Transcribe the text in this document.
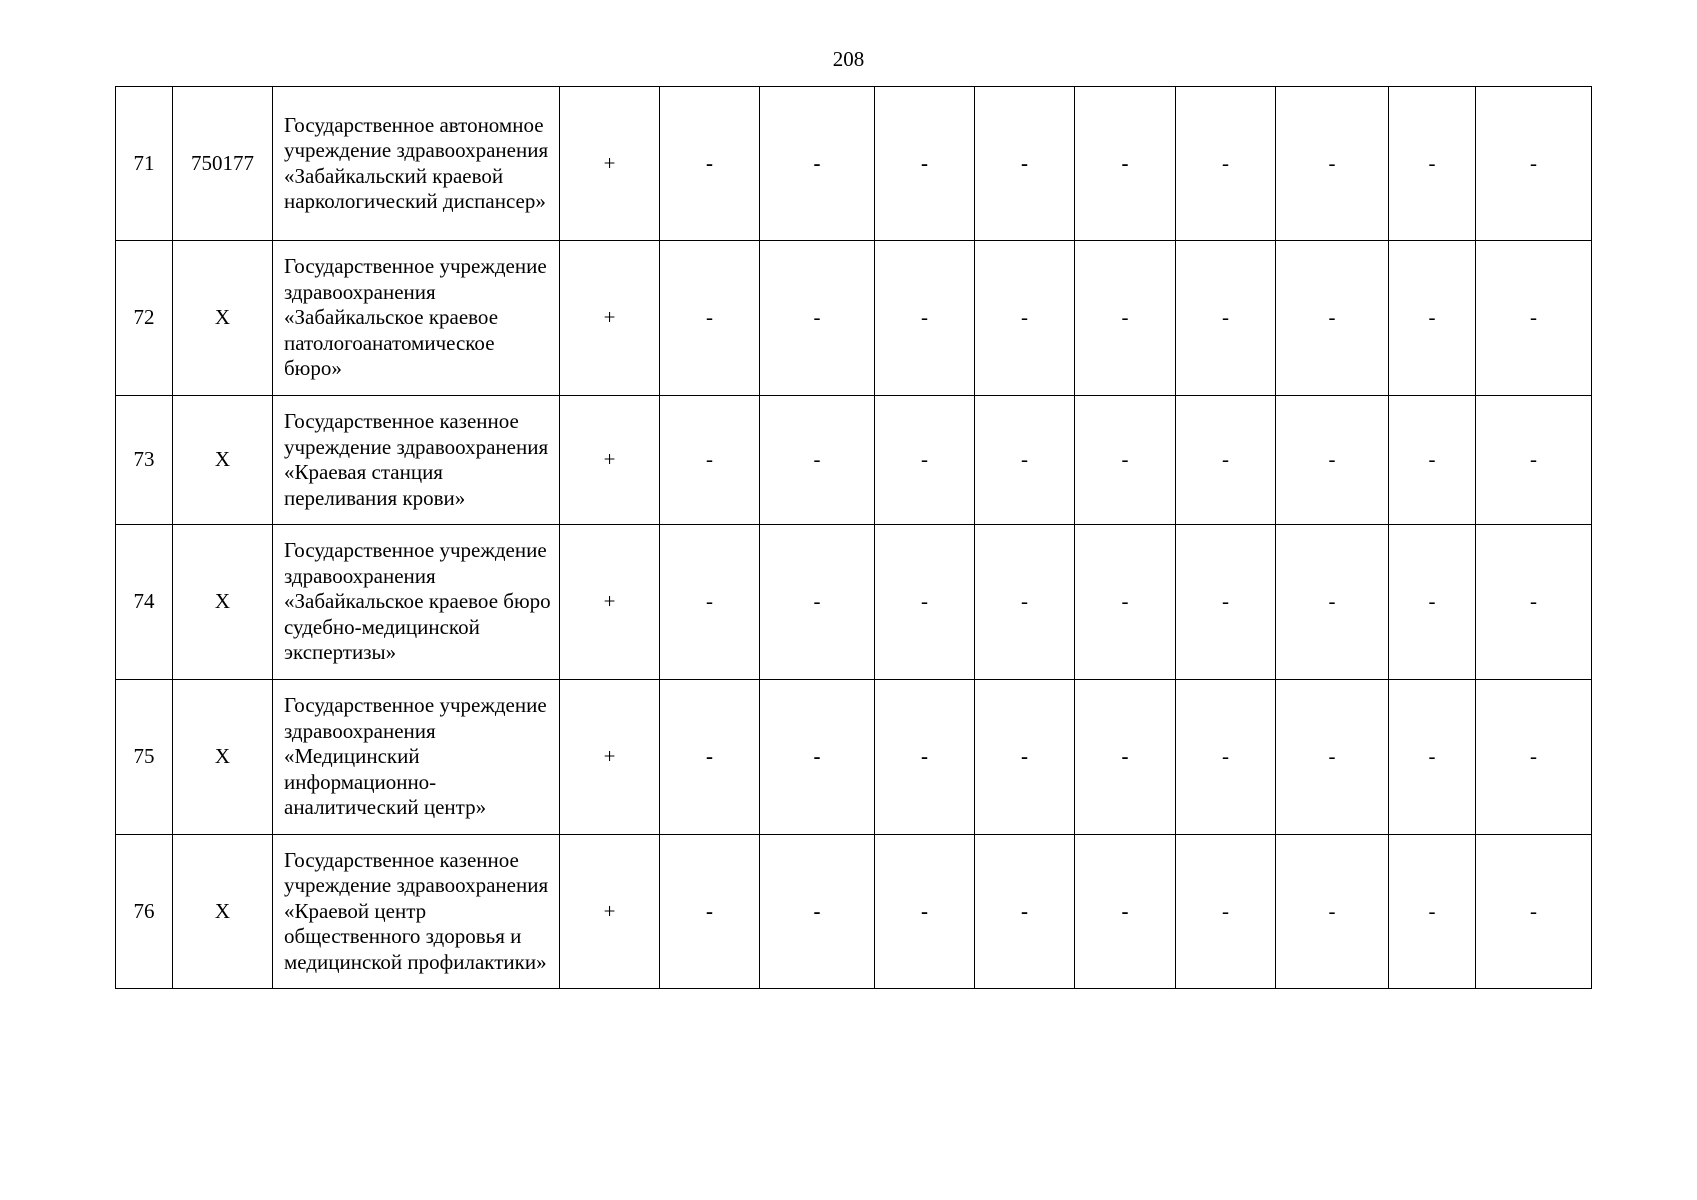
208
71	750177	Государственное автономное учреждение здравоохранения «Забайкальский краевой наркологический диспансер»	+	-	-	-	-	-	-	-	-	-
72	X	Государственное учреждение здравоохранения «Забайкальское краевое патологоанатомическое бюро»	+	-	-	-	-	-	-	-	-	-
73	X	Государственное казенное учреждение здравоохранения «Краевая станция переливания крови»	+	-	-	-	-	-	-	-	-	-
74	X	Государственное учреждение здравоохранения «Забайкальское краевое бюро судебно-медицинской экспертизы»	+	-	-	-	-	-	-	-	-	-
75	X	Государственное учреждение здравоохранения «Медицинский информационно-аналитический центр»	+	-	-	-	-	-	-	-	-	-
76	X	Государственное казенное учреждение здравоохранения «Краевой центр общественного здоровья и медицинской профилактики»	+	-	-	-	-	-	-	-	-	-
